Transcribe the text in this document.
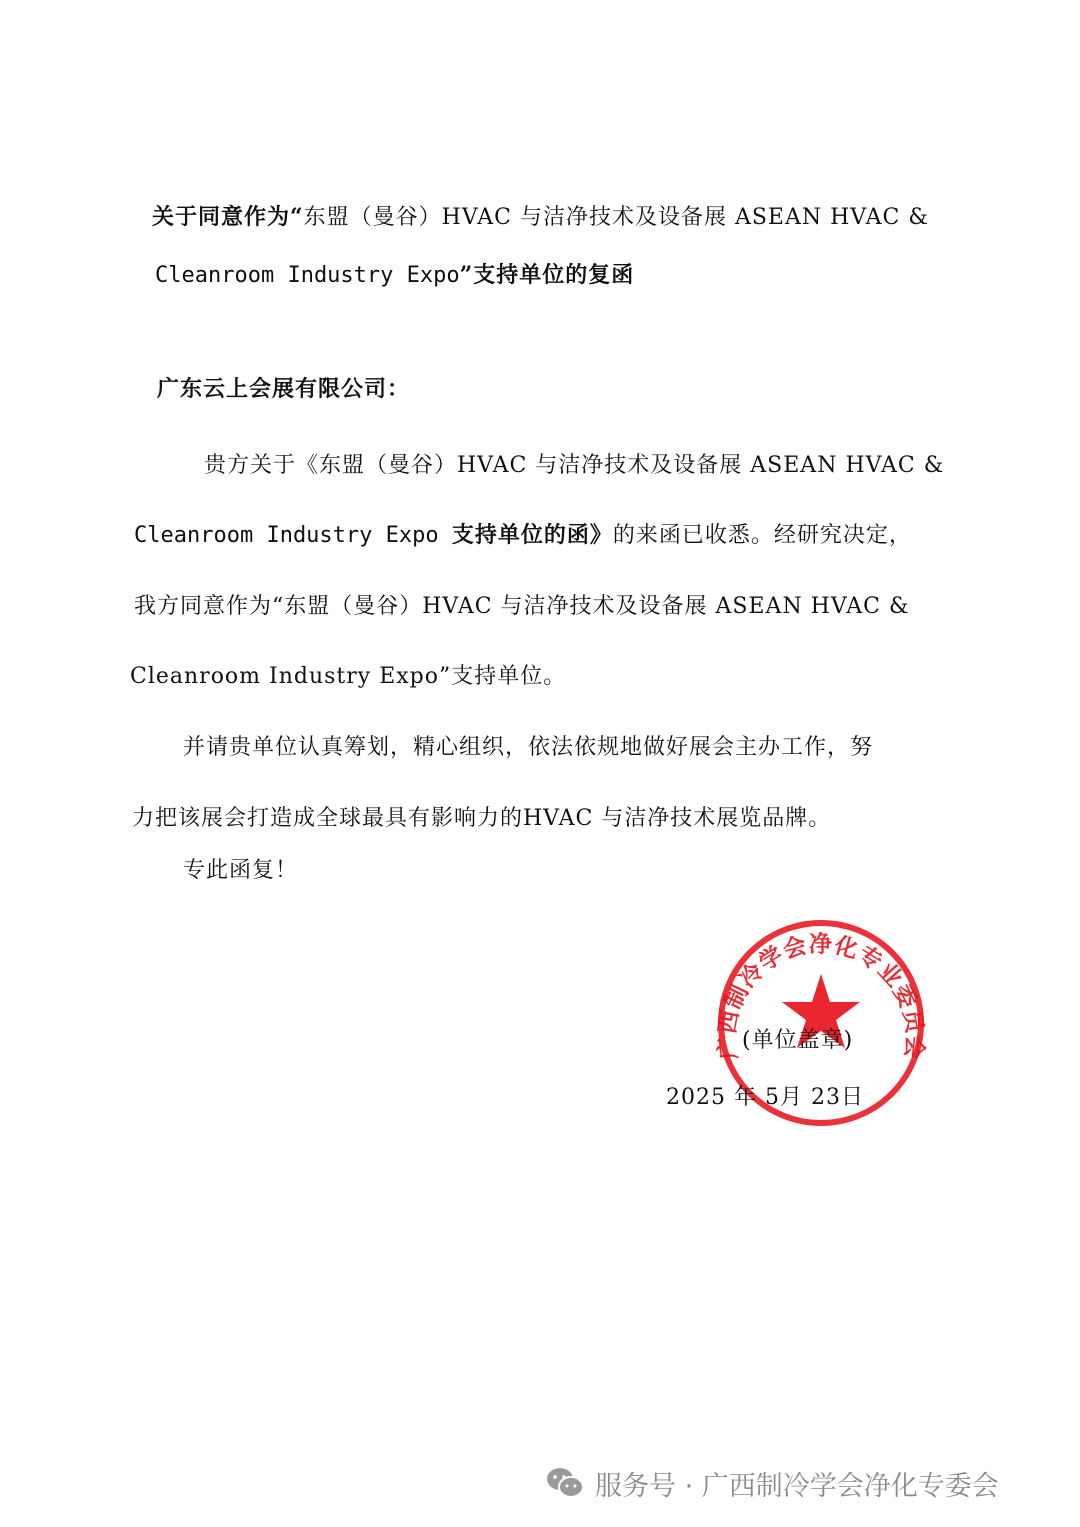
关于同意作为“东盟（曼谷）HVAC 与洁净技术及设备展 ASEAN HVAC &
Cleanroom Industry Expo”支持单位的复函
广东云上会展有限公司：
贵方关于《东盟（曼谷）HVAC 与洁净技术及设备展 ASEAN HVAC &
Cleanroom Industry Expo 支持单位的函》的来函已收悉。经研究决定，
我方同意作为“东盟（曼谷）HVAC 与洁净技术及设备展 ASEAN HVAC &
Cleanroom Industry Expo”支持单位。
并请贵单位认真筹划，精心组织，依法依规地做好展会主办工作，努
力把该展会打造成全球最具有影响力的HVAC 与洁净技术展览品牌。
专此函复！
广西制冷学会净化专业委员会
(单位盖章)
2025 年 5月 23日
服务号 · 广西制冷学会净化专委会
